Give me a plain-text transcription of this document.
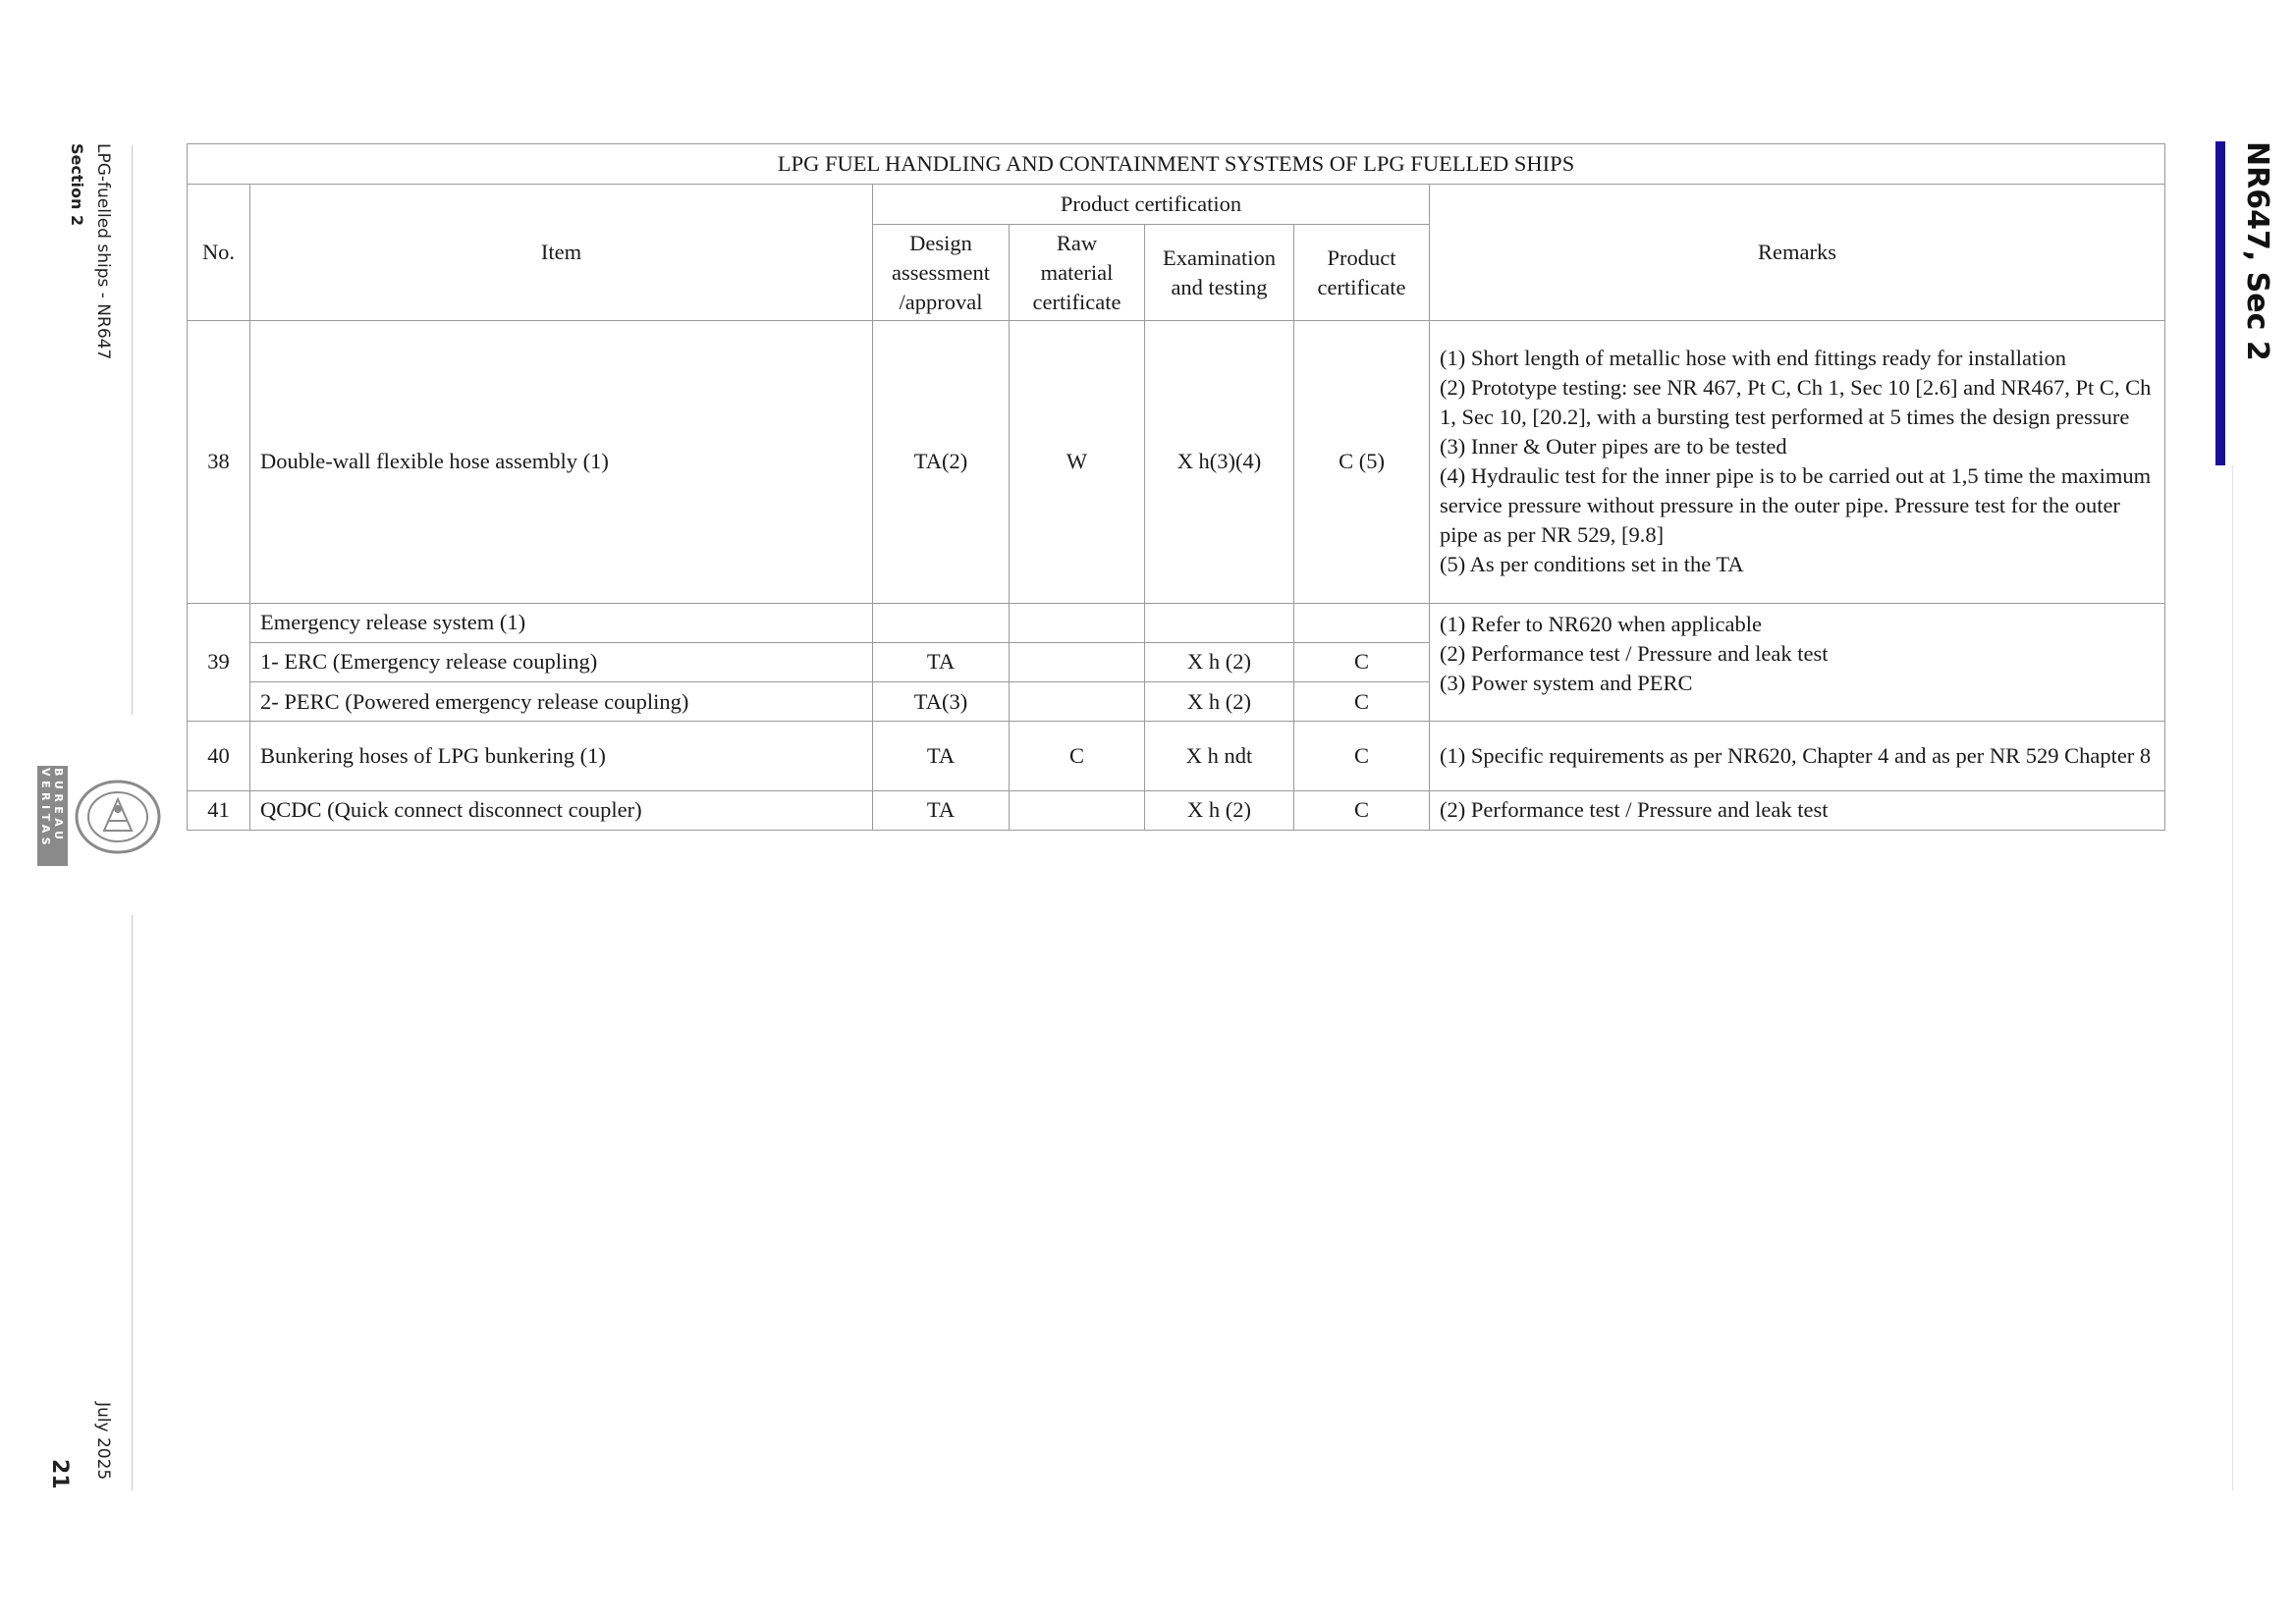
LPG-fuelled ships - NR647
Section 2
July 2025
21
BUREAU
VERITAS
NR647, Sec 2
LPG FUEL HANDLING AND CONTAINMENT SYSTEMS OF LPG FUELLED SHIPS						
No.	Item	Product certification				Remarks
		Design assessment /approval	Raw material certificate	Examination and testing	Product certificate	
38	Double-wall flexible hose assembly (1)	TA(2)	W	X h(3)(4)	C (5)	(1) Short length of metallic hose with end fittings ready for installation

(2) Prototype testing: see NR 467, Pt C, Ch 1, Sec 10 [2.6] and NR467, Pt C, Ch 1, Sec 10, [20.2], with a bursting test performed at 5 times the design pressure

(3) Inner & Outer pipes are to be tested

(4) Hydraulic test for the inner pipe is to be carried out at 1,5 time the maximum service pressure without pressure in the outer pipe. Pressure test for the outer pipe as per NR 529, [9.8]

(5) As per conditions set in the TA

39	Emergency release system (1)					(1) Refer to NR620 when applicable

(2) Performance test / Pressure and leak test

(3) Power system and PERC

	1- ERC (Emergency release coupling)	TA		X h (2)	C	
	2- PERC (Powered emergency release coupling)	TA(3)		X h (2)	C	
40	Bunkering hoses of LPG bunkering (1)	TA	C	X h ndt	C	(1) Specific requirements as per NR620, Chapter 4 and as per NR 529 Chapter 8

41	QCDC (Quick connect disconnect coupler)	TA		X h (2)	C	(2) Performance test / Pressure and leak test
